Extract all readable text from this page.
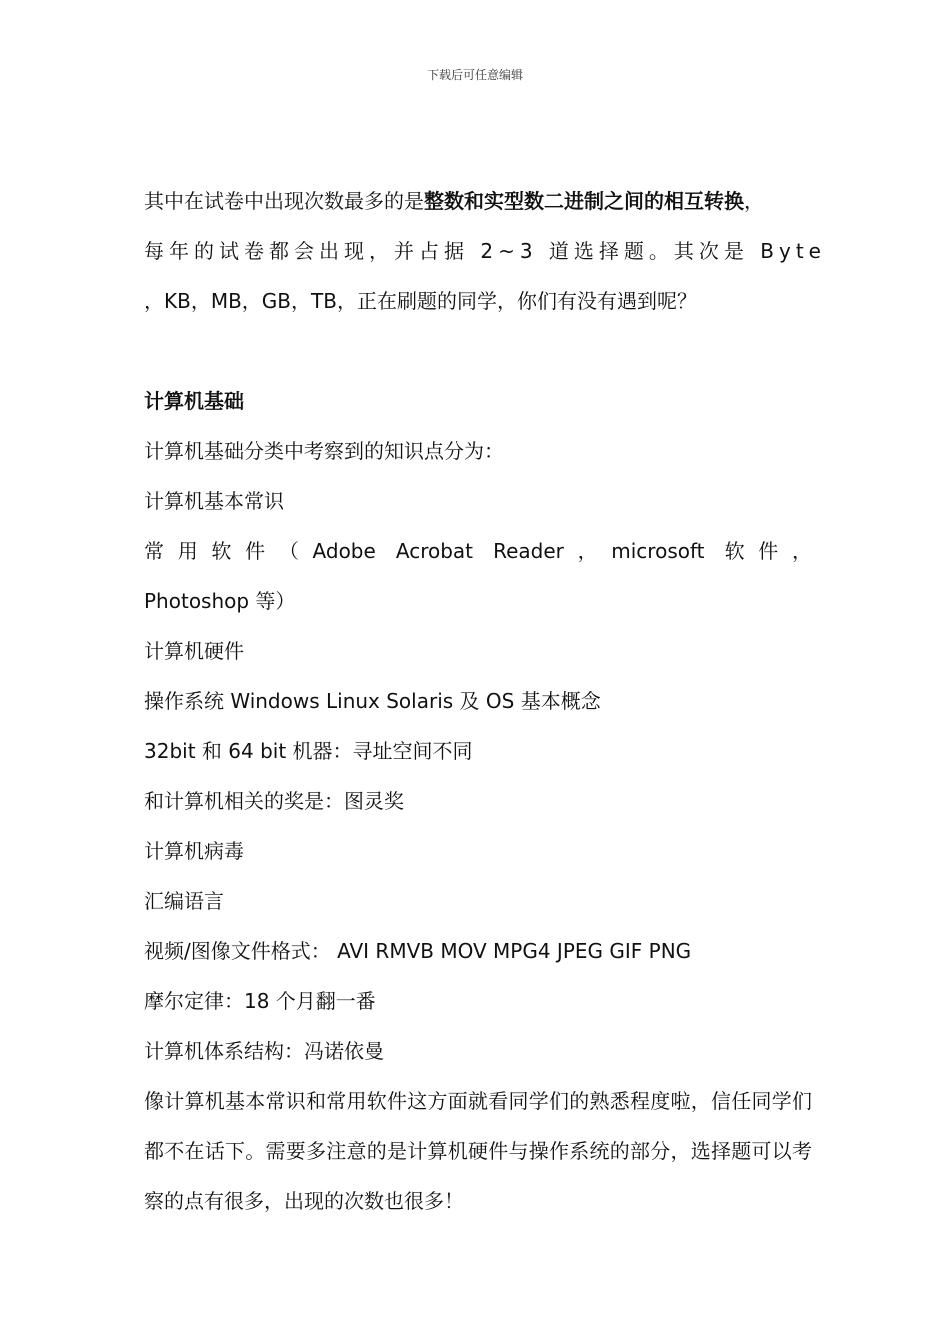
下载后可任意编辑
其中在试卷中出现次数最多的是整数和实型数二进制之间的相互转换，
每年的试卷都会出现，并占据 2~3 道选择题。其次是 Byte
，KB，MB，GB，TB，正在刷题的同学，你们有没有遇到呢？
计算机基础
计算机基础分类中考察到的知识点分为：
计算机基本常识
常用软件（Adobe Acrobat Reader，microsoft 软件，
Photoshop 等）
计算机硬件
操作系统 Windows Linux Solaris 及 OS 基本概念
32bit 和 64 bit 机器：寻址空间不同
和计算机相关的奖是：图灵奖
计算机病毒
汇编语言
视频/图像文件格式： AVI RMVB MOV MPG4 JPEG GIF PNG
摩尔定律：18 个月翻一番
计算机体系结构：冯诺依曼
像计算机基本常识和常用软件这方面就看同学们的熟悉程度啦，信任同学们都不在话下。需要多注意的是计算机硬件与操作系统的部分，选择题可以考察的点有很多，出现的次数也很多！
